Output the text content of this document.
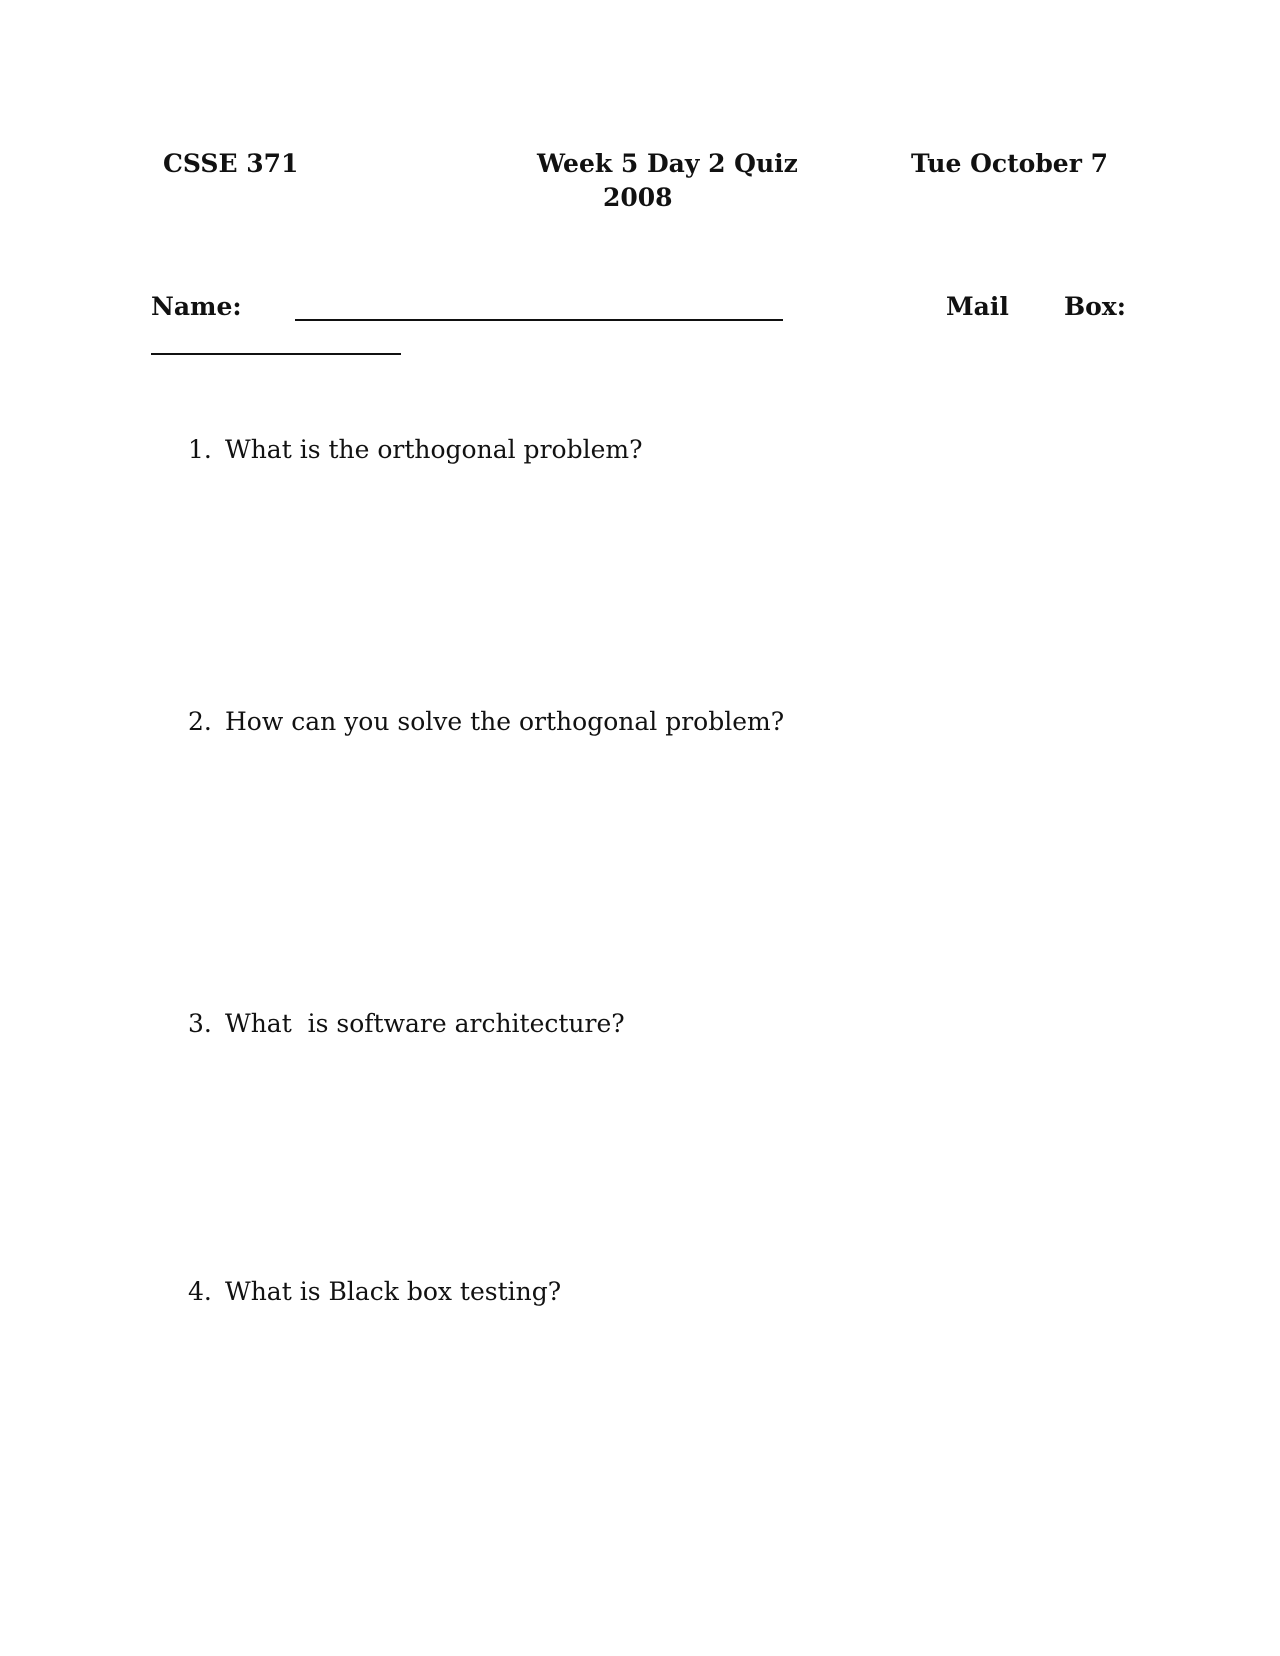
CSSE 371	Week 5 Day 2 Quiz	Tue October 7
2008
Name:	Mail Box:
1. What is the orthogonal problem?
2. How can you solve the orthogonal problem?
3. What  is software architecture?
4. What is Black box testing?
